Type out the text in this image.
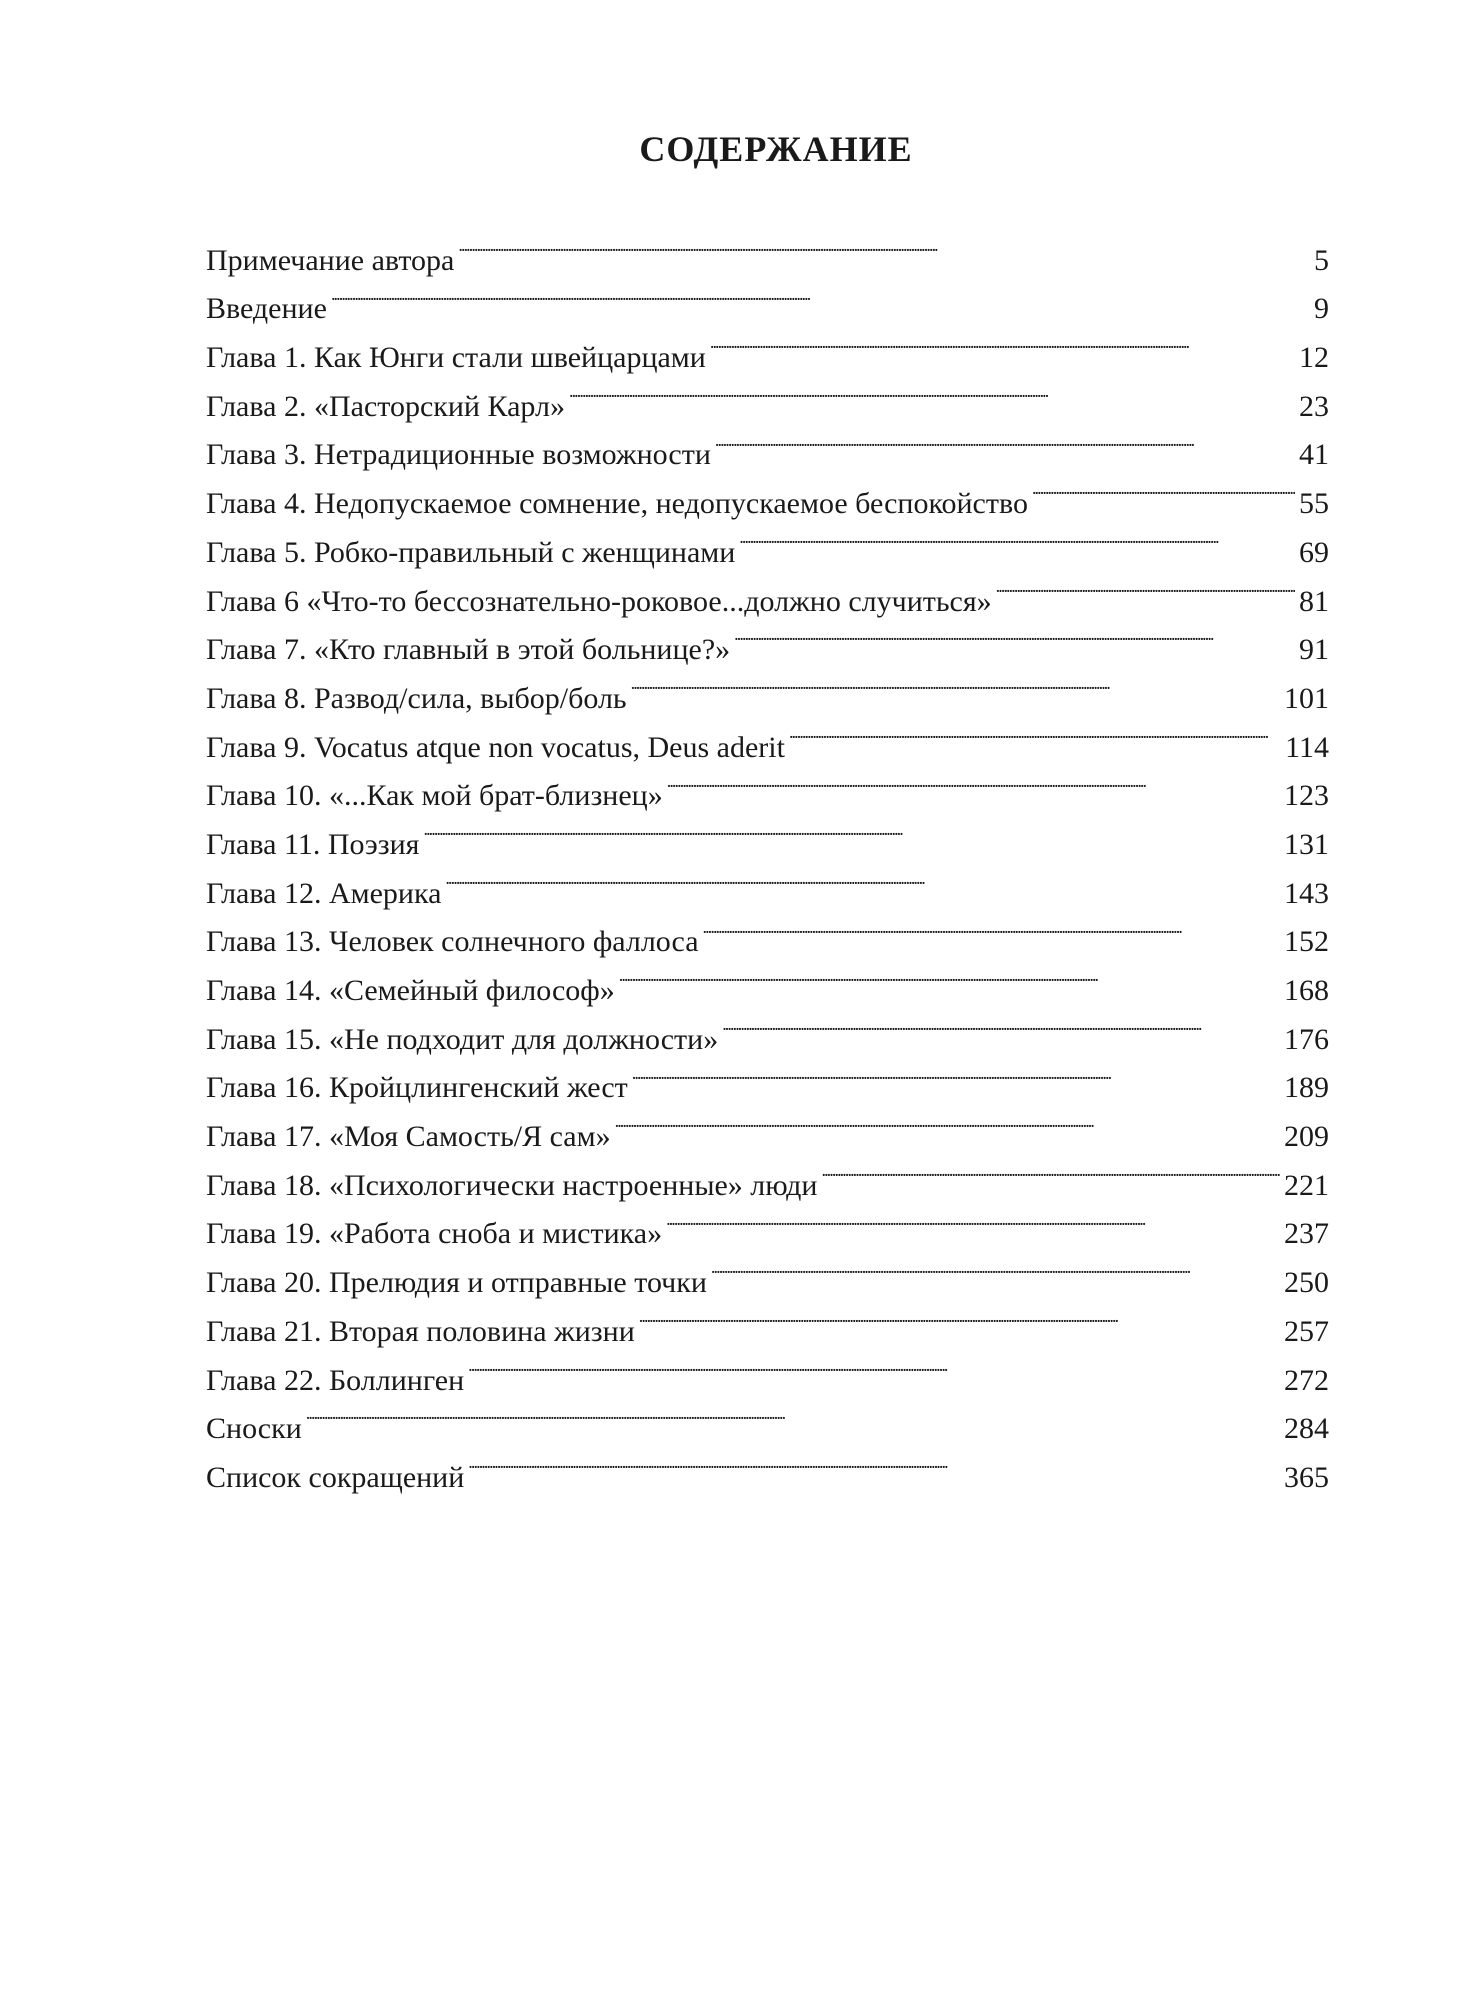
СОДЕРЖАНИЕ
Примечание автора . . .	5
Введение . . .	9
Глава 1. Как Юнги стали швейцарцами . . .	12
Глава 2. «Пасторский Карл» . . .	23
Глава 3. Нетрадиционные возможности . . .	41
Глава 4. Недопускаемое сомнение, недопускаемое беспокойство . . .	55
Глава 5. Робко-правильный с женщинами . . .	69
Глава 6 «Что-то бессознательно-роковое...должно случиться» . . .	81
Глава 7. «Кто главный в этой больнице?» . . .	91
Глава 8. Развод/сила, выбор/боль . . .	101
Глава 9. Vocatus atque non vocatus, Deus aderit . . .	114
Глава 10. «...Как мой брат-близнец» . . .	123
Глава 11. Поэзия . . .	131
Глава 12. Америка . . .	143
Глава 13. Человек солнечного фаллоса . . .	152
Глава 14. «Семейный философ» . . .	168
Глава 15. «Не подходит для должности» . . .	176
Глава 16. Кройцлингенский жест . . .	189
Глава 17. «Моя Самость/Я сам» . . .	209
Глава 18. «Психологически настроенные» люди . . .	221
Глава 19. «Работа сноба и мистика» . . .	237
Глава 20. Прелюдия и отправные точки . . .	250
Глава 21. Вторая половина жизни . . .	257
Глава 22. Боллинген . . .	272
Сноски . . .	284
Список сокращений . . .	365
